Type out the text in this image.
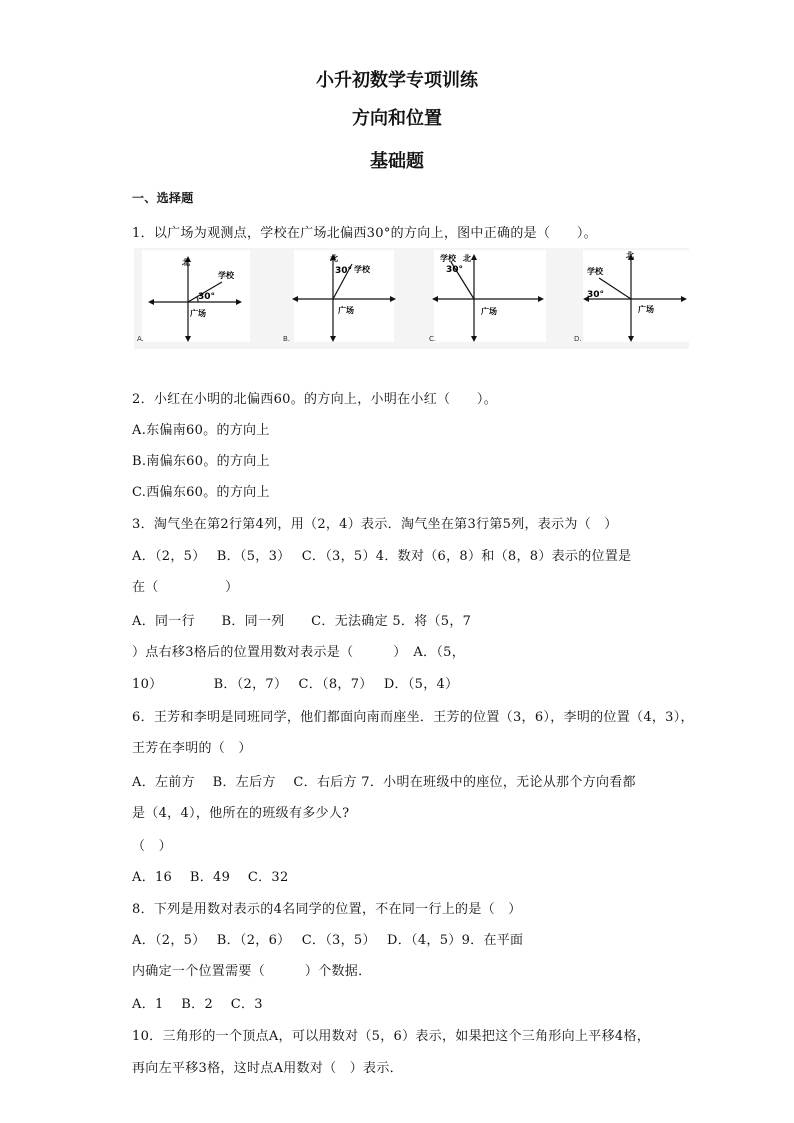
小升初数学专项训练
方向和位置
基础题
一、选择题
1．以广场为观测点，学校在广场北偏西30°的方向上，图中正确的是（　　）。
北
学校
30°
广场
A.
北
30° 学校
广场
B.
学校 北
30°
广场
C.
北
学校
30°
广场
D.
2．小红在小明的北偏西60。的方向上，小明在小红（　　）。
A.东偏南60。的方向上
B.南偏东60。的方向上
C.西偏东60。的方向上
3．淘气坐在第2行第4列，用（2，4）表示．淘气坐在第3行第5列，表示为（　）
A．（2，5）　 B．（5，3）　 C．（3，5）4．数对（6，8）和（8，8）表示的位置是
在（　　　　　）
A．同一行　　B．同一列　　C．无法确定 5．将（5，7
）点右移3格后的位置用数对表示是（　　　）　A．（5，
10）　　　　 B．（2，7）　 C．（8，7）　 D．（5，4）
6．王芳和李明是同班同学，他们都面向南而座坐．王芳的位置（3，6），李明的位置（4，3），
王芳在李明的（　）
A．左前方　 B．左后方　 C．右后方 7．小明在班级中的座位，无论从那个方向看都
是（4，4），他所在的班级有多少人?
（　）
A．16　 B．49　 C．32
8．下列是用数对表示的4名同学的位置，不在同一行上的是（　）
A．（2，5）　 B．（2，6）　 C．（3，5）　 D．（4，5）9．在平面
内确定一个位置需要（　　　）个数据．
A．1　 B．2　 C．3
10．三角形的一个顶点A，可以用数对（5，6）表示，如果把这个三角形向上平移4格，
再向左平移3格，这时点A用数对（　）表示．
